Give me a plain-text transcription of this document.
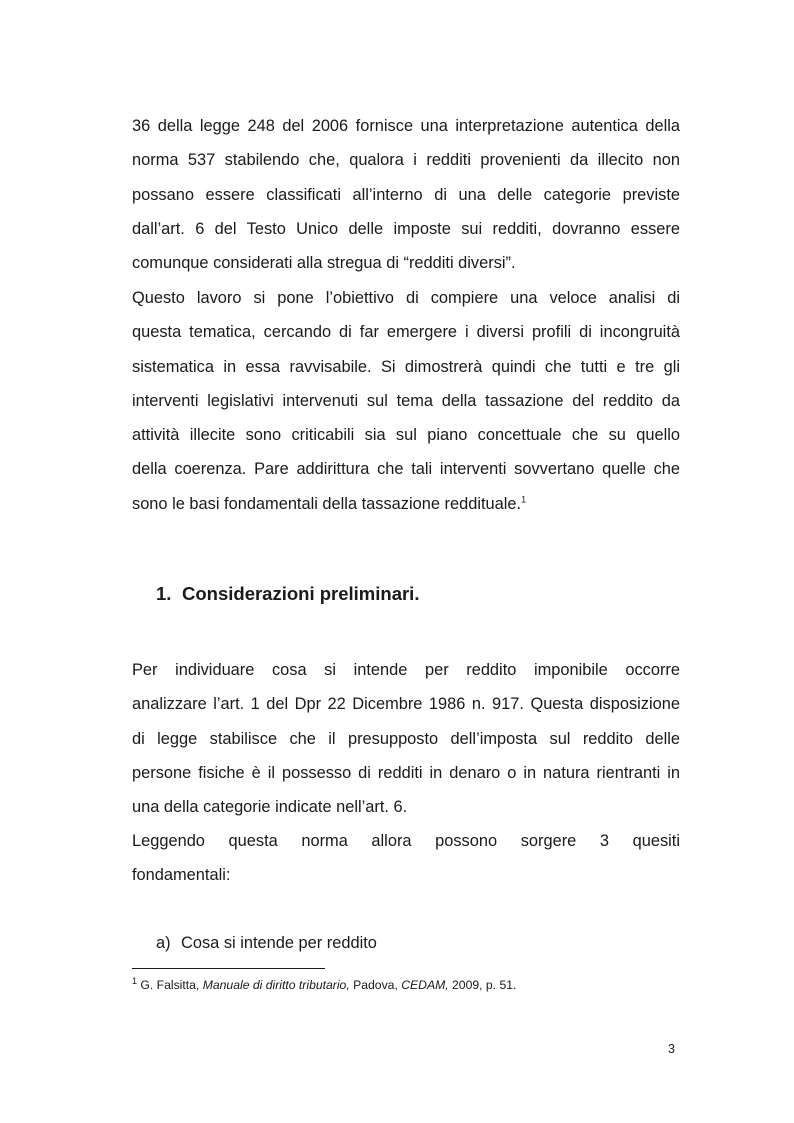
36 della legge 248 del 2006 fornisce una interpretazione autentica della
norma 537 stabilendo che, qualora i redditi provenienti da illecito non
possano essere classificati all’interno di una delle categorie previste
dall’art. 6 del Testo Unico delle imposte sui redditi, dovranno essere
comunque considerati alla stregua di “redditi diversi”.
Questo lavoro si pone l’obiettivo di compiere una veloce analisi di
questa tematica, cercando di far emergere i diversi profili di incongruità
sistematica in essa ravvisabile. Si dimostrerà quindi che tutti e tre gli
interventi legislativi intervenuti sul tema della tassazione del reddito da
attività illecite sono criticabili sia sul piano concettuale che su quello
della coerenza. Pare addirittura che tali interventi sovvertano quelle che
sono le basi fondamentali della tassazione reddituale.$^1$
1. Considerazioni preliminari.
Per individuare cosa si intende per reddito imponibile occorre
analizzare l’art. 1 del Dpr 22 Dicembre 1986 n. 917. Questa disposizione
di legge stabilisce che il presupposto dell’imposta sul reddito delle
persone fisiche è il possesso di redditi in denaro o in natura rientranti in
una della categorie indicate nell’art. 6.
Leggendo questa norma allora possono sorgere 3 quesiti
fondamentali:
a) Cosa si intende per reddito
$^1$ G. Falsitta, Manuale di diritto tributario, Padova, CEDAM, 2009, p. 51.
3
